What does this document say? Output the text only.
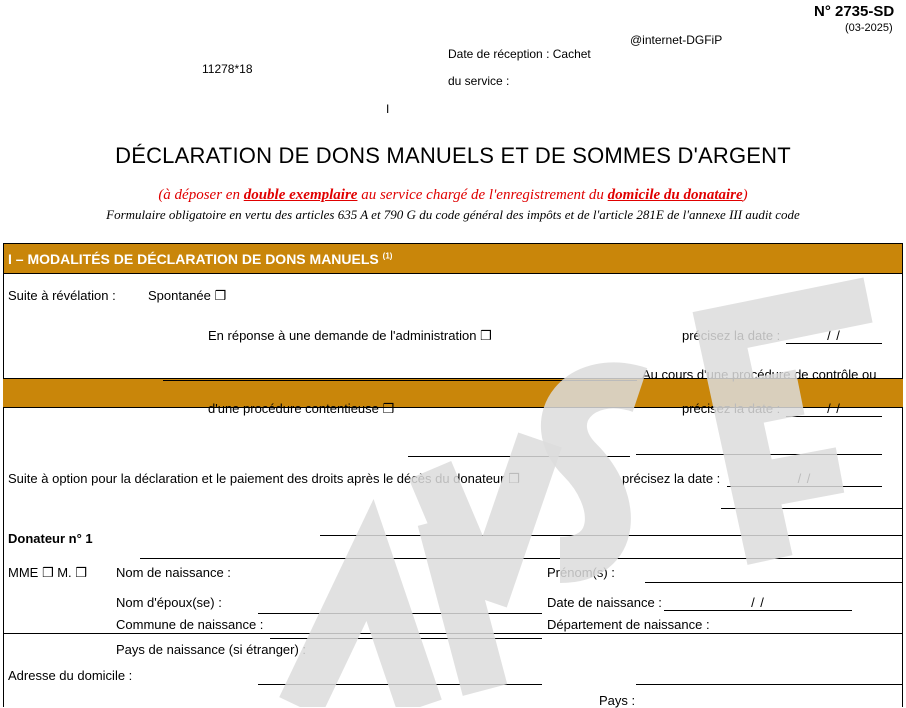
N° 2735-SD
(03-2025)
@internet-DGFiP
Date de réception : Cachet
du service :
11278*18
I
DÉCLARATION DE DONS MANUELS ET DE SOMMES D'ARGENT
(à déposer en double exemplaire au service chargé de l'enregistrement du domicile du donataire)
Formulaire obligatoire en vertu des articles 635 A et 790 G du code général des impôts et de l'article 281E de l'annexe III audit code
I – MODALITÉS DE DÉCLARATION DE DONS MANUELS $^{(1)}$
Suite à révélation : Spontanée ❒
En réponse à une demande de l'administration ❒	précisez la date :	/ /
Au cours d'une procédure de contrôle ou
d'une procédure contentieuse ❒	précisez la date :	/ /
Suite à option pour la déclaration et le paiement des droits après le décès du donateur ❒	précisez la date :	/ /
Donateur n° 1
MME ❒ M. ❒ Nom de naissance :	Prénom(s) :
Nom d'époux(se) :	Date de naissance :	/ /
Commune de naissance :	Département de naissance :
Pays de naissance (si étranger) :
Adresse du domicile :
Pays :
